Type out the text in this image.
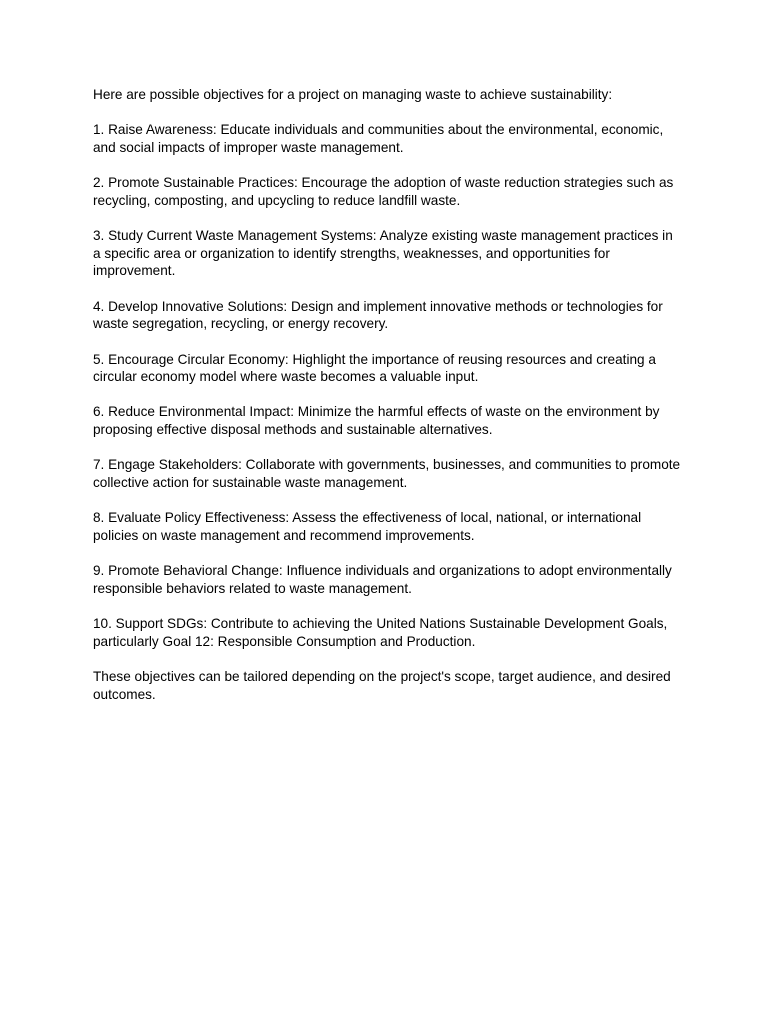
Here are possible objectives for a project on managing waste to achieve sustainability:

1. Raise Awareness: Educate individuals and communities about the environmental, economic, and social impacts of improper waste management.

2. Promote Sustainable Practices: Encourage the adoption of waste reduction strategies such as recycling, composting, and upcycling to reduce landfill waste.

3. Study Current Waste Management Systems: Analyze existing waste management practices in a specific area or organization to identify strengths, weaknesses, and opportunities for improvement.

4. Develop Innovative Solutions: Design and implement innovative methods or technologies for waste segregation, recycling, or energy recovery.

5. Encourage Circular Economy: Highlight the importance of reusing resources and creating a circular economy model where waste becomes a valuable input.

6. Reduce Environmental Impact: Minimize the harmful effects of waste on the environment by proposing effective disposal methods and sustainable alternatives.

7. Engage Stakeholders: Collaborate with governments, businesses, and communities to promote collective action for sustainable waste management.

8. Evaluate Policy Effectiveness: Assess the effectiveness of local, national, or international policies on waste management and recommend improvements.

9. Promote Behavioral Change: Influence individuals and organizations to adopt environmentally responsible behaviors related to waste management.

10. Support SDGs: Contribute to achieving the United Nations Sustainable Development Goals, particularly Goal 12: Responsible Consumption and Production.

These objectives can be tailored depending on the project's scope, target audience, and desired outcomes.
